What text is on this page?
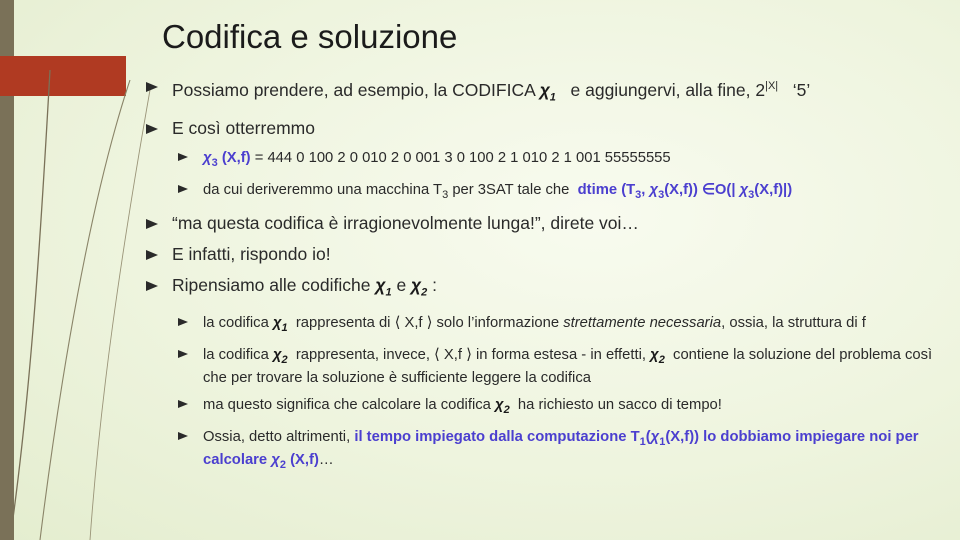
Codifica e soluzione
Possiamo prendere, ad esempio, la CODIFICA $\chi_1$ e aggiungervi, alla fine, $2^{|X|}$ ‘5’
E così otterremmo
$\chi_3$ (X,f) = 444 0 100 2 0 010 2 0 001 3 0 100 2 1 010 2 1 001 55555555
da cui deriveremmo una macchina $T_3$ per 3SAT tale che dtime ($T_3$, $\chi_3(X,f)$) ∈O(| $\chi_3(X,f)|$)
“ma questa codifica è irragionevolmente lunga!”, direte voi…
E infatti, rispondo io!
Ripensiamo alle codifiche $\chi_1$ e $\chi_2$ :
la codifica $\chi_1$ rappresenta di ⟨ X,f ⟩ solo l’informazione strettamente necessaria, ossia, la struttura di f
la codifica $\chi_2$ rappresenta, invece, ⟨ X,f ⟩ in forma estesa - in effetti, $\chi_2$ contiene la soluzione del problema così che per trovare la soluzione è sufficiente leggere la codifica
ma questo significa che calcolare la codifica $\chi_2$ ha richiesto un sacco di tempo!
Ossia, detto altrimenti, il tempo impiegato dalla computazione $T_1(\chi_1(X,f))$ lo dobbiamo impiegare noi per calcolare $\chi_2$ (X,f)…
